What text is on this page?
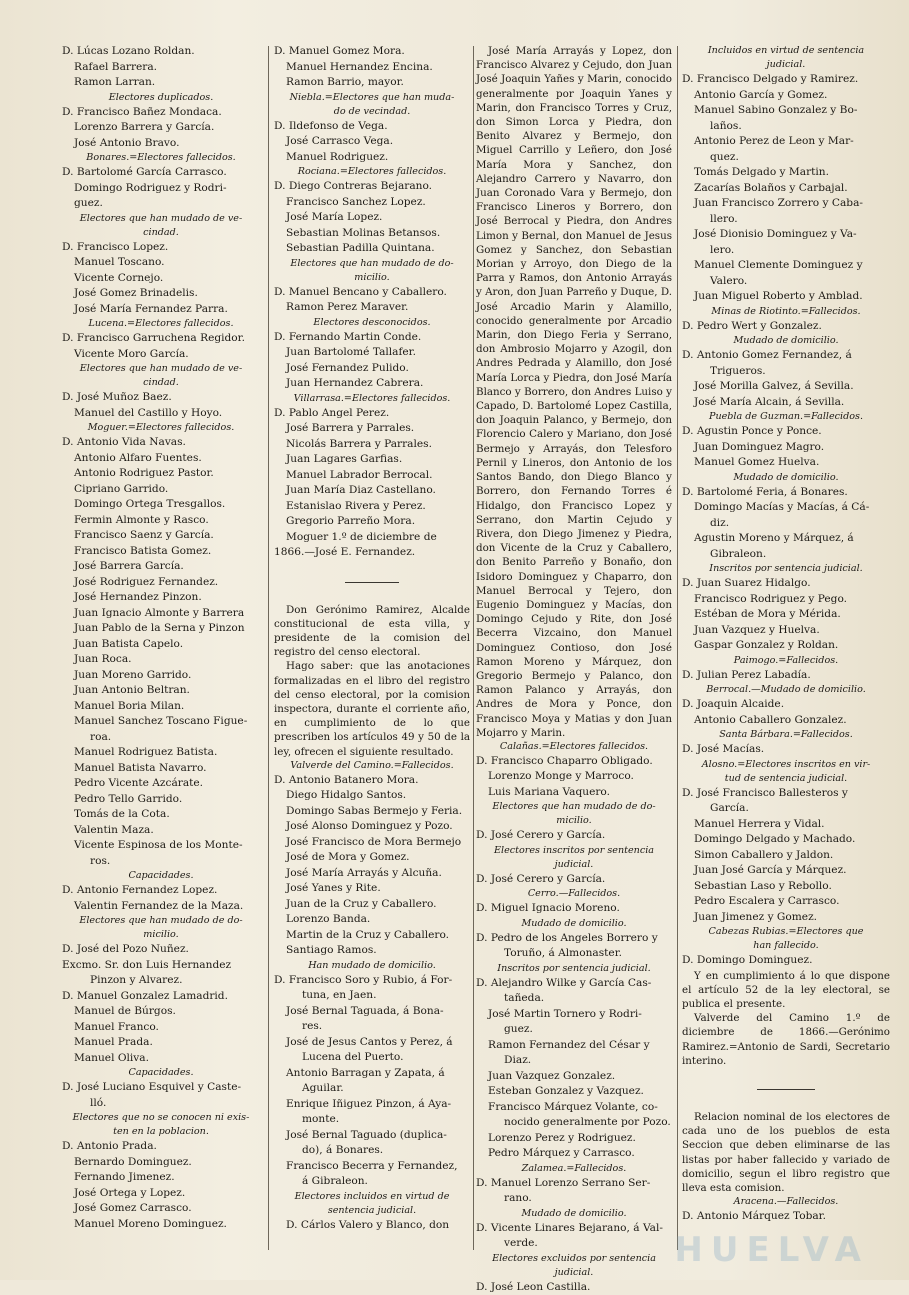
D. Lúcas Lozano Roldan.

Rafael Barrera.

Ramon Larran.

Electores duplicados.

D. Francisco Bañez Mondaca.

Lorenzo Barrera y García.

José Antonio Bravo.

Bonares.=Electores fallecidos.

D. Bartolomé García Carrasco.

Domingo Rodriguez y Rodri-

guez.

Electores que han mudado de ve-

cindad.

D. Francisco Lopez.

Manuel Toscano.

Vicente Cornejo.

José Gomez Brinadelis.

José María Fernandez Parra.

Lucena.=Electores fallecidos.

D. Francisco Garruchena Regidor.

Vicente Moro García.

Electores que han mudado de ve-

cindad.

D. José Muñoz Baez.

Manuel del Castillo y Hoyo.

Moguer.=Electores fallecidos.

D. Antonio Vida Navas.

Antonio Alfaro Fuentes.

Antonio Rodriguez Pastor.

Cipriano Garrido.

Domingo Ortega Tresgallos.

Fermin Almonte y Rasco.

Francisco Saenz y García.

Francisco Batista Gomez.

José Barrera García.

José Rodriguez Fernandez.

José Hernandez Pinzon.

Juan Ignacio Almonte y Barrera

Juan Pablo de la Serna y Pinzon

Juan Batista Capelo.

Juan Roca.

Juan Moreno Garrido.

Juan Antonio Beltran.

Manuel Boria Milan.

Manuel Sanchez Toscano Figue-

roa.

Manuel Rodriguez Batista.

Manuel Batista Navarro.

Pedro Vicente Azcárate.

Pedro Tello Garrido.

Tomás de la Cota.

Valentin Maza.

Vicente Espinosa de los Monte-

ros.

Capacidades.

D. Antonio Fernandez Lopez.

Valentin Fernandez de la Maza.

Electores que han mudado de do-

micilio.

D. José del Pozo Nuñez.

Excmo. Sr. don Luis Hernandez

Pinzon y Alvarez.

D. Manuel Gonzalez Lamadrid.

Manuel de Búrgos.

Manuel Franco.

Manuel Prada.

Manuel Oliva.

Capacidades.

D. José Luciano Esquivel y Caste-

lló.

Electores que no se conocen ni exis-

ten en la poblacion.

D. Antonio Prada.

Bernardo Dominguez.

Fernando Jimenez.

José Ortega y Lopez.

José Gomez Carrasco.

Manuel Moreno Dominguez.

D. Manuel Gomez Mora.

Manuel Hernandez Encina.

Ramon Barrio, mayor.

Niebla.=Electores que han muda-

do de vecindad.

D. Ildefonso de Vega.

José Carrasco Vega.

Manuel Rodriguez.

Rociana.=Electores fallecidos.

D. Diego Contreras Bejarano.

Francisco Sanchez Lopez.

José María Lopez.

Sebastian Molinas Betansos.

Sebastian Padilla Quintana.

Electores que han mudado de do-

micilio.

D. Manuel Bencano y Caballero.

Ramon Perez Maraver.

Electores desconocidos.

D. Fernando Martin Conde.

Juan Bartolomé Tallafer.

José Fernandez Pulido.

Juan Hernandez Cabrera.

Villarrasa.=Electores fallecidos.

D. Pablo Angel Perez.

José Barrera y Parrales.

Nicolás Barrera y Parrales.

Juan Lagares Garfias.

Manuel Labrador Berrocal.

Juan María Diaz Castellano.

Estanislao Rivera y Perez.

Gregorio Parreño Mora.

Moguer 1.º de diciembre de

1866.—José E. Fernandez.

Don Gerónimo Ramirez, Alcalde constitucional de esta villa, y presidente de la comision del registro del censo electoral.

Hago saber: que las anotaciones formalizadas en el libro del registro del censo electoral, por la comision inspectora, durante el corriente año, en cumplimiento de lo que prescriben los artículos 49 y 50 de la ley, ofrecen el siguiente resultado.

Valverde del Camino.=Fallecidos.

D. Antonio Batanero Mora.

Diego Hidalgo Santos.

Domingo Sabas Bermejo y Feria.

José Alonso Dominguez y Pozo.

José Francisco de Mora Bermejo

José de Mora y Gomez.

José María Arrayás y Alcuña.

José Yanes y Rite.

Juan de la Cruz y Caballero.

Lorenzo Banda.

Martin de la Cruz y Caballero.

Santiago Ramos.

Han mudado de domicilio.

D. Francisco Soro y Rubio, á For-

tuna, en Jaen.

José Bernal Taguada, á Bona-

res.

José de Jesus Cantos y Perez, á

Lucena del Puerto.

Antonio Barragan y Zapata, á

Aguilar.

Enrique Iñiguez Pinzon, á Aya-

monte.

José Bernal Taguado (duplica-

do), á Bonares.

Francisco Becerra y Fernandez,

á Gibraleon.

Electores incluidos en virtud de

sentencia judicial.

D. Cárlos Valero y Blanco, don

José María Arrayás y Lopez, don Francisco Alvarez y Cejudo, don Juan José Joaquin Yañes y Marin, conocido generalmente por Joaquin Yanes y Marin, don Francisco Torres y Cruz, don Simon Lorca y Piedra, don Benito Alvarez y Bermejo, don Miguel Carrillo y Leñero, don José María Mora y Sanchez, don Alejandro Carrero y Navarro, don Juan Coronado Vara y Bermejo, don Francisco Lineros y Borrero, don José Berrocal y Piedra, don Andres Limon y Bernal, don Manuel de Jesus Gomez y Sanchez, don Sebastian Morian y Arroyo, don Diego de la Parra y Ramos, don Antonio Arrayás y Aron, don Juan Parreño y Duque, D. José Arcadio Marin y Alamillo, conocido generalmente por Arcadio Marin, don Diego Feria y Serrano, don Ambrosio Mojarro y Azogil, don Andres Pedrada y Alamillo, don José María Lorca y Piedra, don José María Blanco y Borrero, don Andres Luiso y Capado, D. Bartolomé Lopez Castilla, don Joaquin Palanco, y Bermejo, don Florencio Calero y Mariano, don José Bermejo y Arrayás, don Telesforo Pernil y Lineros, don Antonio de los Santos Bando, don Diego Blanco y Borrero, don Fernando Torres é Hidalgo, don Francisco Lopez y Serrano, don Martin Cejudo y Rivera, don Diego Jimenez y Piedra, don Vicente de la Cruz y Caballero, don Benito Parreño y Bonaño, don Isidoro Dominguez y Chaparro, don Manuel Berrocal y Tejero, don Eugenio Dominguez y Macías, don Domingo Cejudo y Rite, don José Becerra Vizcaino, don Manuel Dominguez Contioso, don José Ramon Moreno y Márquez, don Gregorio Bermejo y Palanco, don Ramon Palanco y Arrayás, don Andres de Mora y Ponce, don Francisco Moya y Matias y don Juan Mojarro y Marin.

Calañas.=Electores fallecidos.

D. Francisco Chaparro Obligado.

Lorenzo Monge y Marroco.

Luis Mariana Vaquero.

Electores que han mudado de do-

micilio.

D. José Cerero y García.

Electores inscritos por sentencia

judicial.

D. José Cerero y García.

Cerro.—Fallecidos.

D. Miguel Ignacio Moreno.

Mudado de domicilio.

D. Pedro de los Angeles Borrero y

Toruño, á Almonaster.

Inscritos por sentencia judicial.

D. Alejandro Wilke y García Cas-

tañeda.

José Martin Tornero y Rodri-

guez.

Ramon Fernandez del César y

Diaz.

Juan Vazquez Gonzalez.

Esteban Gonzalez y Vazquez.

Francisco Márquez Volante, co-

nocido generalmente por Pozo.

Lorenzo Perez y Rodriguez.

Pedro Márquez y Carrasco.

Zalamea.=Fallecidos.

D. Manuel Lorenzo Serrano Ser-

rano.

Mudado de domicilio.

D. Vicente Linares Bejarano, á Val-

verde.

Electores excluidos por sentencia

judicial.

D. José Leon Castilla.

Incluidos en virtud de sentencia

judicial.

D. Francisco Delgado y Ramirez.

Antonio García y Gomez.

Manuel Sabino Gonzalez y Bo-

laños.

Antonio Perez de Leon y Mar-

quez.

Tomás Delgado y Martin.

Zacarías Bolaños y Carbajal.

Juan Francisco Zorrero y Caba-

llero.

José Dionisio Dominguez y Va-

lero.

Manuel Clemente Dominguez y

Valero.

Juan Miguel Roberto y Amblad.

Minas de Riotinto.=Fallecidos.

D. Pedro Wert y Gonzalez.

Mudado de domicilio.

D. Antonio Gomez Fernandez, á

Trigueros.

José Morilla Galvez, á Sevilla.

José María Alcain, á Sevilla.

Puebla de Guzman.=Fallecidos.

D. Agustin Ponce y Ponce.

Juan Dominguez Magro.

Manuel Gomez Huelva.

Mudado de domicilio.

D. Bartolomé Feria, á Bonares.

Domingo Macías y Macías, á Cá-

diz.

Agustin Moreno y Márquez, á

Gibraleon.

Inscritos por sentencia judicial.

D. Juan Suarez Hidalgo.

Francisco Rodriguez y Pego.

Estéban de Mora y Mérida.

Juan Vazquez y Huelva.

Gaspar Gonzalez y Roldan.

Paimogo.=Fallecidos.

D. Julian Perez Labadía.

Berrocal.—Mudado de domicilio.

D. Joaquin Alcaide.

Antonio Caballero Gonzalez.

Santa Bárbara.=Fallecidos.

D. José Macías.

Alosno.=Electores inscritos en vir-

tud de sentencia judicial.

D. José Francisco Ballesteros y

García.

Manuel Herrera y Vidal.

Domingo Delgado y Machado.

Simon Caballero y Jaldon.

Juan José García y Márquez.

Sebastian Laso y Rebollo.

Pedro Escalera y Carrasco.

Juan Jimenez y Gomez.

Cabezas Rubias.=Electores que

han fallecido.

D. Domingo Dominguez.

Y en cumplimiento á lo que dispone el artículo 52 de la ley electoral, se publica el presente.

Valverde del Camino 1.º de diciembre de 1866.—Gerónimo Ramirez.=Antonio de Sardi, Secretario interino.

Relacion nominal de los electores de cada uno de los pueblos de esta Seccion que deben eliminarse de las listas por haber fallecido y variado de domicilio, segun el libro registro que lleva esta comision.

Aracena.—Fallecidos.

D. Antonio Márquez Tobar.

HUELVA
